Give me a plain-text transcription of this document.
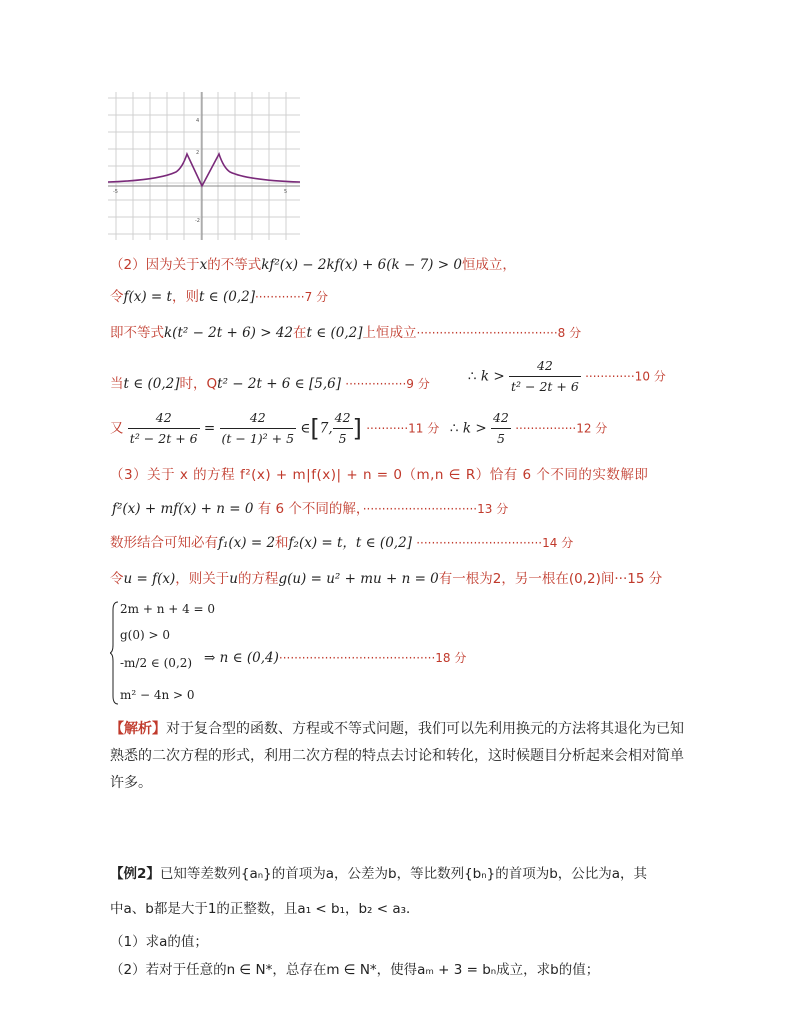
4
2
-2
-5	5
（2）因为关于x的不等式kf²(x) − 2kf(x) + 6(k − 7) > 0恒成立，
令f(x) = t，则t ∈ (0,2]·············7 分
即不等式k(t² − 2t + 6) > 42在t ∈ (0,2]上恒成立·····································8 分
当t ∈ (0,2]时，Qt² − 2t + 6 ∈ [5,6] ················9 分	∴ $k > \frac{42}{\text{t² − 2t + 6}} \cdot\cdot\cdot\cdot\cdot\cdot\cdot\cdot\cdot\cdot\cdot\cdot\cdot 10$ 分
又 $\frac{42}{\text{t² − 2t + 6}} = \frac{42}{\text{(t − 1)² + 5}}$ ∈[7, $\frac{42}{5}$ ] ···········11 分 ∴ $k > \frac{42}{5} \cdot\cdot\cdot\cdot\cdot\cdot\cdot\cdot\cdot\cdot\cdot\cdot\cdot\cdot\cdot\cdot 12$ 分
（3）关于 x 的方程 f²(x) + m|f(x)| + n = 0（m,n ∈ R）恰有 6 个不同的实数解即
f²(x) + mf(x) + n = 0 有 6 个不同的解，······························13 分
数形结合可知必有f₁(x) = 2和f₂(x) = t，t ∈ (0,2] ·································14 分
令u = f(x)，则关于u的方程g(u) = u² + mu + n = 0有一根为2，另一根在(0,2)间···15 分
2m + n + 4 = 0
g(0) > 0
-m/2 ∈ (0,2)
m² − 4n > 0
⇒ n ∈ (0,4)·········································18 分
【解析】对于复合型的函数、方程或不等式问题，我们可以先利用换元的方法将其退化为已知熟悉的二次方程的形式，利用二次方程的特点去讨论和转化，这时候题目分析起来会相对简单许多。
【例2】已知等差数列{aₙ}的首项为a，公差为b，等比数列{bₙ}的首项为b，公比为a，其
中a、b都是大于1的正整数，且a₁ < b₁，b₂ < a₃．
（1）求a的值；
（2）若对于任意的n ∈ N*，总存在m ∈ N*，使得aₘ + 3 = bₙ成立，求b的值；
